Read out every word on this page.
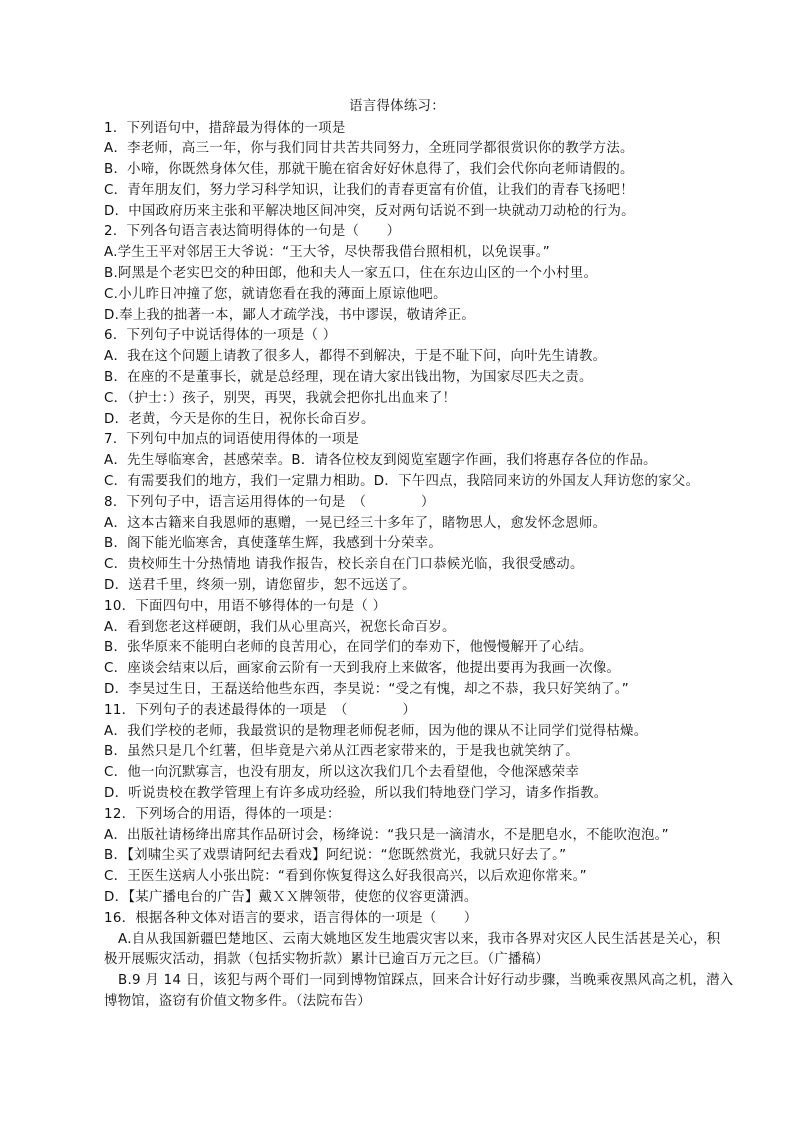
语言得体练习：
1．下列语句中，措辞最为得体的一项是
A．李老师，高三一年，你与我们同甘共苦共同努力，全班同学都很赏识你的教学方法。
B．小啼，你既然身体欠佳，那就干脆在宿舍好好休息得了，我们会代你向老师请假的。
C．青年朋友们，努力学习科学知识，让我们的青春更富有价值，让我们的青春飞扬吧！
D．中国政府历来主张和平解决地区间冲突，反对两句话说不到一块就动刀动枪的行为。
2．下列各句语言表达简明得体的一句是（　　）
A.学生王平对邻居王大爷说：“王大爷，尽快帮我借台照相机，以免误事。”
B.阿黑是个老实巴交的种田郎，他和夫人一家五口，住在东边山区的一个小村里。
C.小儿昨日冲撞了您，就请您看在我的薄面上原谅他吧。
D.奉上我的拙著一本，鄙人才疏学浅，书中谬误，敬请斧正。
6．下列句子中说话得体的一项是（ ）
A．我在这个问题上请教了很多人，都得不到解决，于是不耻下问，向叶先生请教。
B．在座的不是董事长，就是总经理，现在请大家出钱出物，为国家尽匹夫之责。
C．（护士：）孩子，别哭，再哭，我就会把你扎出血来了！
D．老黄，今天是你的生日，祝你长命百岁。
7．下列句中加点的词语使用得体的一项是
A．先生辱临寒舍，甚感荣幸。B．请各位校友到阅览室题字作画，我们将惠存各位的作品。
C．有需要我们的地方，我们一定鼎力相助。D．下午四点，我陪同来访的外国友人拜访您的家父。
8．下列句子中，语言运用得体的一句是　（　　　　）
A．这本古籍来自我恩师的惠赠，一晃已经三十多年了，睹物思人，愈发怀念恩师。
B．阁下能光临寒舍，真使蓬荜生辉，我感到十分荣幸。
C．贵校师生十分热情地 请我作报告，校长亲自在门口恭候光临，我很受感动。
D．送君千里，终须一别，请您留步，恕不远送了。
10．下面四句中，用语不够得体的一句是（ ）
A．看到您老这样硬朗，我们从心里高兴，祝您长命百岁。
B．张华原来不能明白老师的良苦用心，在同学们的奉劝下，他慢慢解开了心结。
C．座谈会结束以后，画家俞云阶有一天到我府上来做客，他提出要再为我画一次像。
D．李昊过生日，王磊送给他些东西，李昊说：“受之有愧，却之不恭，我只好笑纳了。”
11．下列句子的表述最得体的一项是　（　　　　）
A．我们学校的老师，我最赏识的是物理老师倪老师，因为他的课从不让同学们觉得枯燥。
B．虽然只是几个红薯，但毕竟是六弟从江西老家带来的，于是我也就笑纳了。
C．他一向沉默寡言，也没有朋友，所以这次我们几个去看望他，令他深感荣幸
D．听说贵校在教学管理上有许多成功经验，所以我们特地登门学习，请多作指教。
12．下列场合的用语，得体的一项是：
A．出版社请杨绛出席其作品研讨会，杨绛说：“我只是一滴清水，不是肥皂水，不能吹泡泡。”
B．【刘啸尘买了戏票请阿纪去看戏】阿纪说：“您既然赏光，我就只好去了。”
C．王医生送病人小张出院：“看到你恢复得这么好我很高兴，以后欢迎你常来。”
D．【某广播电台的广告】戴ＸＸ牌领带，使您的仪容更潇洒。
16．根据各种文体对语言的要求，语言得体的一项是（　　）
A.自从我国新疆巴楚地区、云南大姚地区发生地震灾害以来，我市各界对灾区人民生活甚是关心，积
极开展赈灾活动，捐款（包括实物折款）累计已逾百万元之巨。（广播稿）
B.9 月 14 日，该犯与两个哥们一同到博物馆踩点，回来合计好行动步骤，当晚乘夜黑风高之机，潜入
博物馆，盗窃有价值文物多件。（法院布告）
